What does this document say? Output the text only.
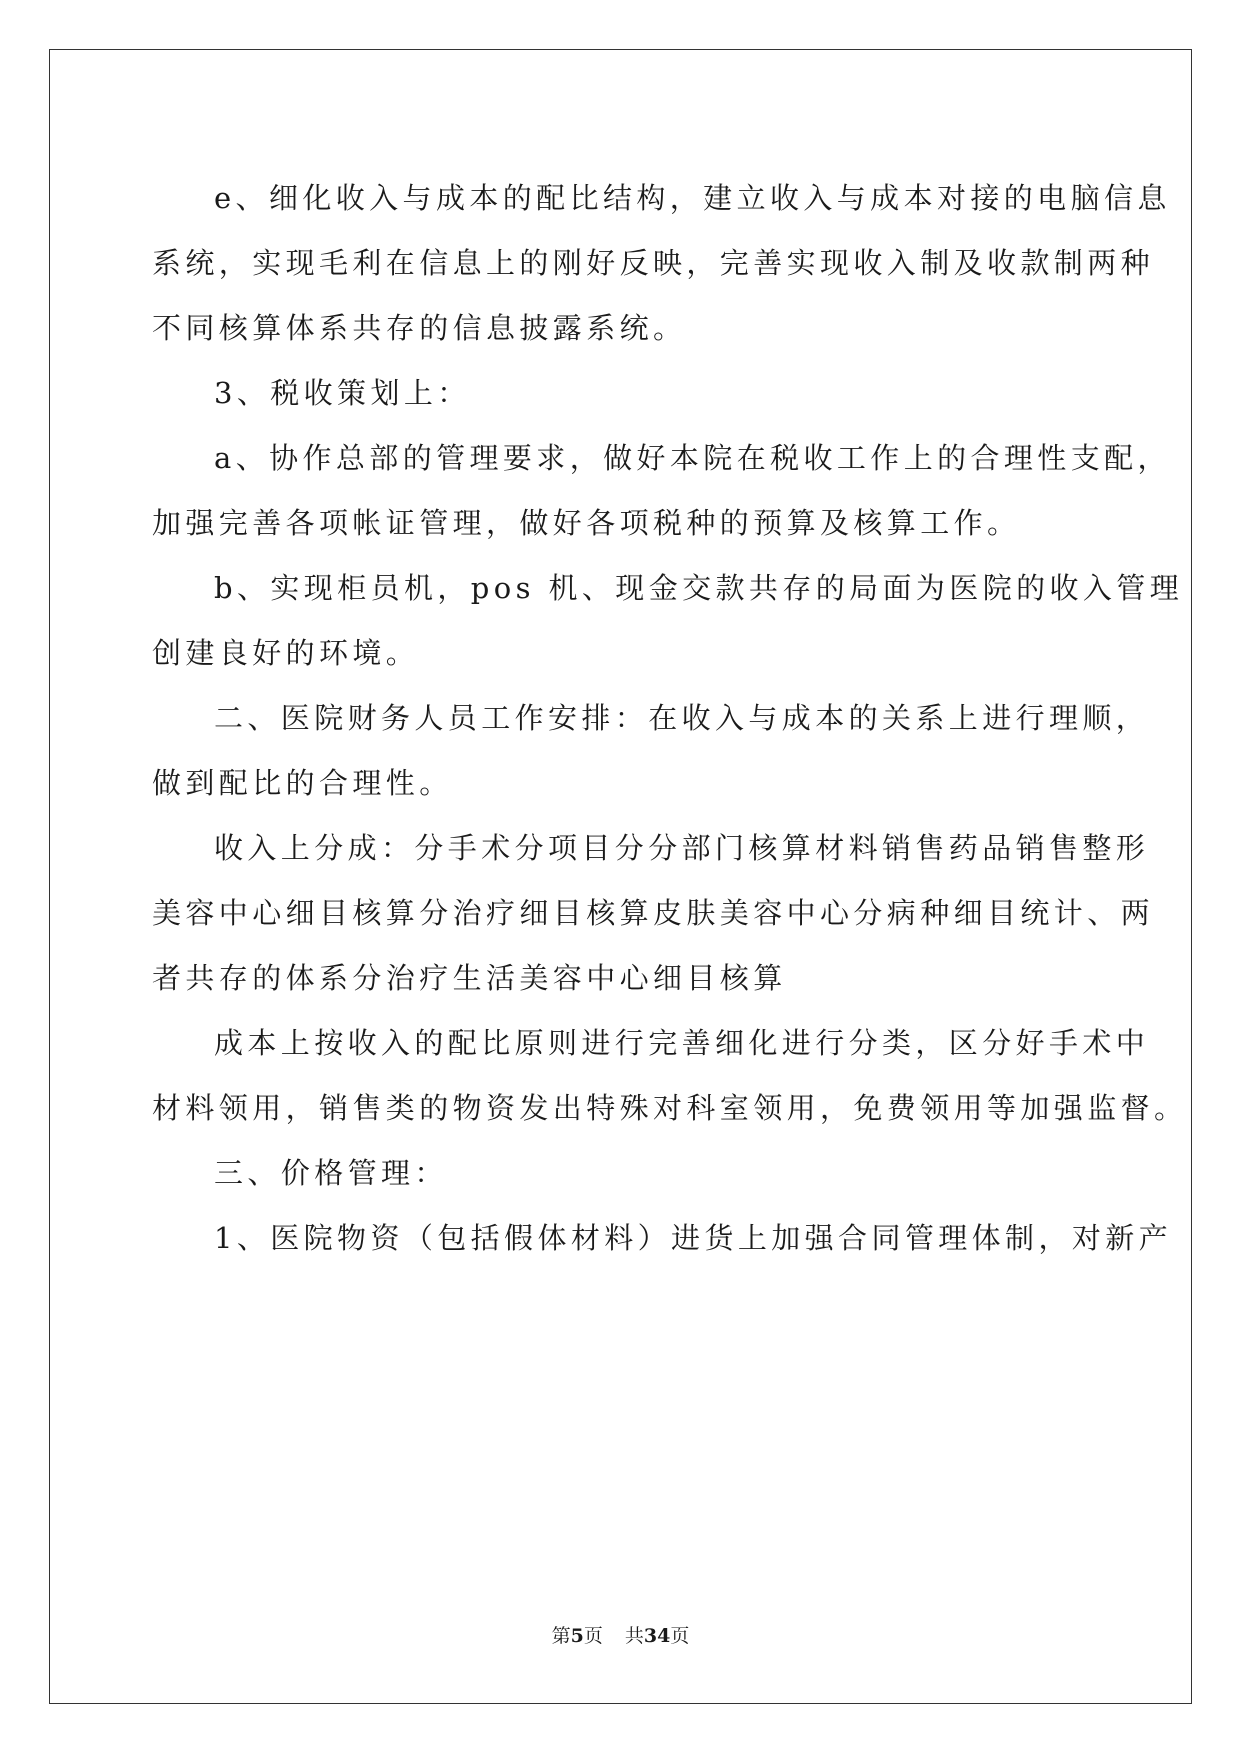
e、细化收入与成本的配比结构，建立收入与成本对接的电脑信息
系统，实现毛利在信息上的刚好反映，完善实现收入制及收款制两种
不同核算体系共存的信息披露系统。

3、税收策划上：

a、协作总部的管理要求，做好本院在税收工作上的合理性支配，
加强完善各项帐证管理，做好各项税种的预算及核算工作。

b、实现柜员机，pos 机、现金交款共存的局面为医院的收入管理
创建良好的环境。

二、医院财务人员工作安排：在收入与成本的关系上进行理顺，
做到配比的合理性。

收入上分成：分手术分项目分分部门核算材料销售药品销售整形
美容中心细目核算分治疗细目核算皮肤美容中心分病种细目统计、两
者共存的体系分治疗生活美容中心细目核算

成本上按收入的配比原则进行完善细化进行分类，区分好手术中
材料领用，销售类的物资发出特殊对科室领用，免费领用等加强监督。

三、价格管理：

1、医院物资（包括假体材料）进货上加强合同管理体制，对新产

第5页 共34页
